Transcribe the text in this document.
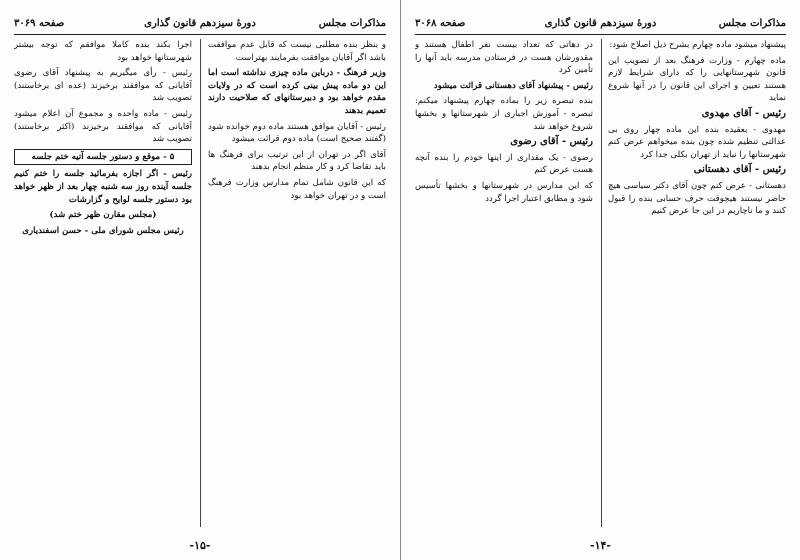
مذاکرات مجلس
دورهٔ سیزدهم قانون گذاری
صفحه ۳۰۶۹

و بنظر بنده مطلبی نیست که قابل عدم موافقت باشد اگر آقایان موافقت بفرمایند بهتراست

وزیر فرهنگ - درباین ماده چیزی نداشته است اما این دو ماده پیش بینی کرده است که در ولایات مقدم خواهد بود و دبیرستانهای که صلاحیت دارند تعمیم بدهند

رئیس - آقایان موافق هستند ماده دوم خوانده شود (گفتند صحیح است) ماده دوم قرائت میشود

آقای اگر در تهران از این ترتیب برای فرهنگ ها باید تقاضا کرد و کار منظم انجام بدهند

که این قانون شامل تمام مدارس وزارت فرهنگ است و در تهران خواهد بود

اجرا بکند بنده کاملا موافقم که توجه بیشتر شهرستانها خواهد بود

رئیس - رأی میگیریم به پیشنهاد آقای رضوی آقایانی که موافقند برخیزند (عده ای برخاستند) تصویب شد

رئیس - ماده واحده و مجموع آن اعلام میشود آقایانی که موافقند برخیزند (اکثر برخاستند) تصویب شد

۵ - موقع و دستور جلسه آتیه ختم جلسه

رئیس - اگر اجازه بفرمائید جلسه را ختم کنیم جلسه آینده روز سه شنبه چهار بعد از ظهر خواهد بود دستور جلسه لوایح و گزارشات

(مجلس مقارن ظهر ختم شد)

رئیس مجلس شورای ملی - حسن اسفندیاری

-۱۵-
مذاکرات مجلس
دورهٔ سیزدهم قانون گذاری
صفحه ۳۰۶۸

پیشنهاد میشود ماده چهارم بشرح ذیل اصلاح شود:

ماده چهارم - وزارت فرهنگ بعد از تصویب این قانون شهرستانهایی را که دارای شرایط لازم هستند تعیین و اجرای این قانون را در آنها شروع نماید

رئیس - آقای مهدوی

مهدوی - بعقیده بنده این ماده چهار روی بی عدالتی تنظیم شده چون بنده میخواهم عرض کنم شهرستانها را نباید از تهران بکلی جدا کرد

رئیس - آقای دهستانی

دهستانی - عرض کنم چون آقای دکتر سیاسی هیچ حاضر نیستند هیچوقت حرف حسابی بنده را قبول کنند و ما ناچاریم در این جا عرض کنیم

در دهاتی که تعداد بیست نفر اطفال هستند و مقدورشان هست در فرستادن مدرسه باید آنها را تأمین کرد

رئیس - پیشنهاد آقای دهستانی قرائت میشود

بنده تبصره زیر را بماده چهارم پیشنهاد میکنم: تبصره - آموزش اجباری از شهرستانها و بخشها شروع خواهد شد

رئیس - آقای رضوی

رضوی - یک مقداری از اینها خودم را بنده آنچه هست عرض کنم

که این مدارس در شهرستانها و بخشها تأسیس شود و مطابق اعتبار اجرا گردد

-۱۴-
